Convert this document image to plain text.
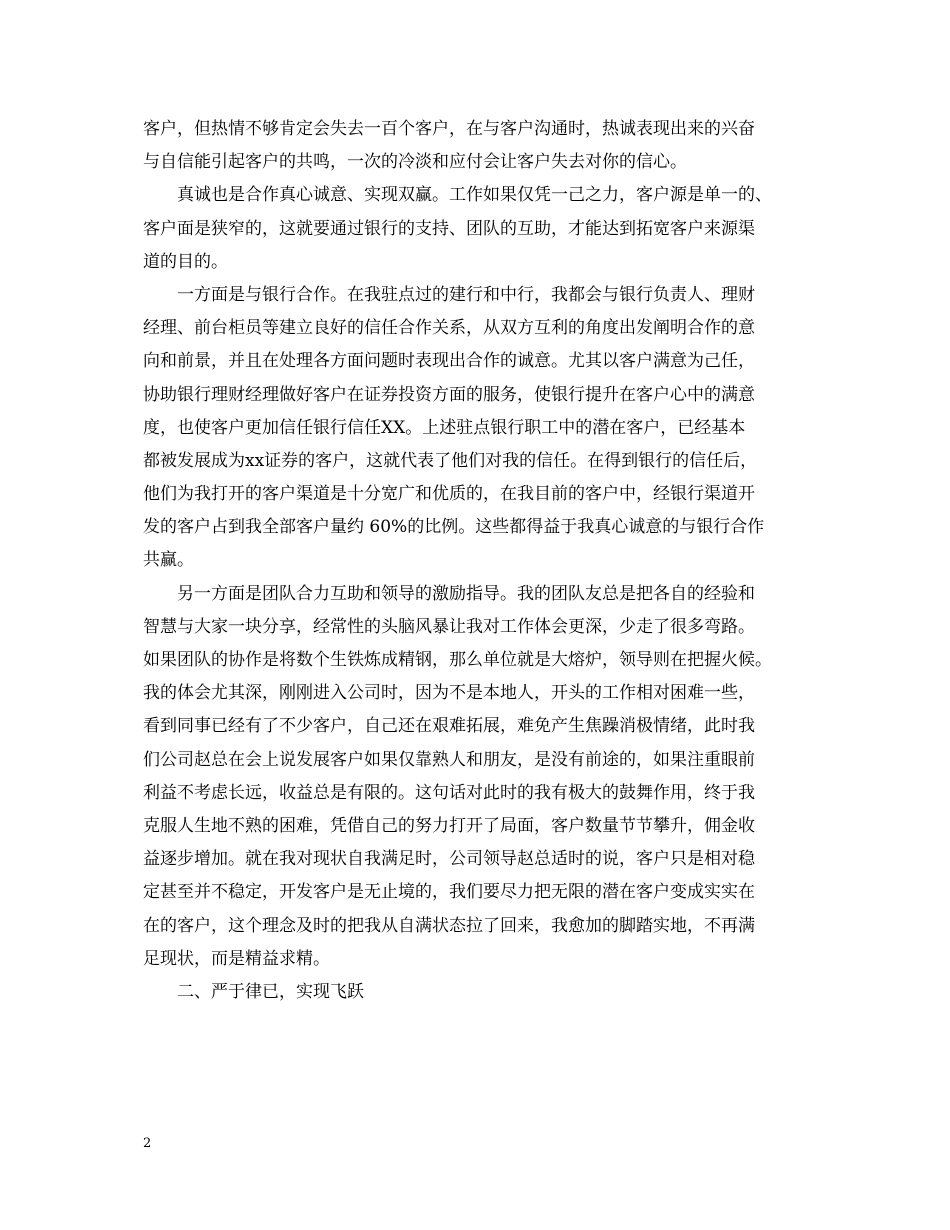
客户，但热情不够肯定会失去一百个客户，在与客户沟通时，热诚表现出来的兴奋
与自信能引起客户的共鸣，一次的冷淡和应付会让客户失去对你的信心。
真诚也是合作真心诚意、实现双赢。工作如果仅凭一己之力，客户源是单一的、
客户面是狭窄的，这就要通过银行的支持、团队的互助，才能达到拓宽客户来源渠
道的目的。
一方面是与银行合作。在我驻点过的建行和中行，我都会与银行负责人、理财
经理、前台柜员等建立良好的信任合作关系，从双方互利的角度出发阐明合作的意
向和前景，并且在处理各方面问题时表现出合作的诚意。尤其以客户满意为己任，
协助银行理财经理做好客户在证券投资方面的服务，使银行提升在客户心中的满意
度，也使客户更加信任银行信任XX。上述驻点银行职工中的潜在客户，已经基本
都被发展成为xx证券的客户，这就代表了他们对我的信任。在得到银行的信任后，
他们为我打开的客户渠道是十分宽广和优质的，在我目前的客户中，经银行渠道开
发的客户占到我全部客户量约 60%的比例。这些都得益于我真心诚意的与银行合作
共赢。
另一方面是团队合力互助和领导的激励指导。我的团队友总是把各自的经验和
智慧与大家一块分享，经常性的头脑风暴让我对工作体会更深，少走了很多弯路。
如果团队的协作是将数个生铁炼成精钢，那么单位就是大熔炉，领导则在把握火候。
我的体会尤其深，刚刚进入公司时，因为不是本地人，开头的工作相对困难一些，
看到同事已经有了不少客户，自己还在艰难拓展，难免产生焦躁消极情绪，此时我
们公司赵总在会上说发展客户如果仅靠熟人和朋友，是没有前途的，如果注重眼前
利益不考虑长远，收益总是有限的。这句话对此时的我有极大的鼓舞作用，终于我
克服人生地不熟的困难，凭借自己的努力打开了局面，客户数量节节攀升，佣金收
益逐步增加。就在我对现状自我满足时，公司领导赵总适时的说，客户只是相对稳
定甚至并不稳定，开发客户是无止境的，我们要尽力把无限的潜在客户变成实实在
在的客户，这个理念及时的把我从自满状态拉了回来，我愈加的脚踏实地，不再满
足现状，而是精益求精。
二、严于律已，实现飞跃
2
